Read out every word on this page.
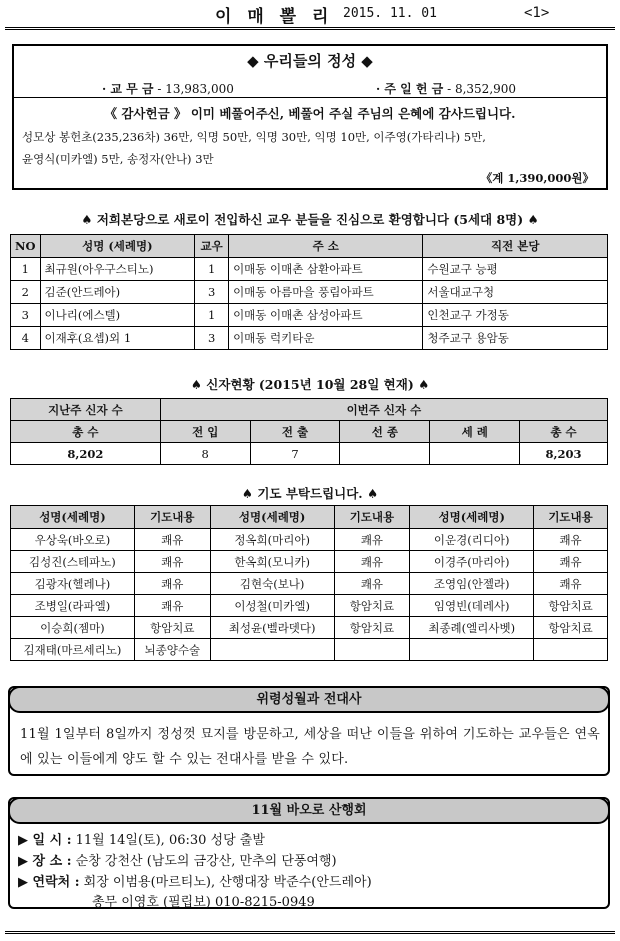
이 매 뽈 리 2015. 11. 01	<1>
◆ 우리들의 정성 ◆
· 교 무 금 - 13,983,000	· 주 일 헌 금 - 8,352,900
《 감사헌금 》 이미 베풀어주신, 베풀어 주실 주님의 은혜에 감사드립니다.
성모상 봉헌초(235,236차) 36만, 익명 50만, 익명 30만, 익명 10만, 이주영(가타리나) 5만,
윤영식(미카엘) 5만, 송정자(안나) 3만
《계 1,390,000원》
♠ 저희본당으로 새로이 전입하신 교우 분들을 진심으로 환영합니다 (5세대 8명) ♠
NO	성명 (세례명)	교우	주 소	직전 본당
1	최규원(아우구스티노)	1	이매동 이매촌 삼환아파트	수원교구 능평
2	김준(안드레아)	3	이매동 아름마을 풍림아파트	서울대교구청
3	이나리(에스텔)	1	이매동 이매촌 삼성아파트	인천교구 가정동
4	이재후(요셉)외 1	3	이매동 럭키타운	청주교구 용암동
♠ 신자현황 (2015년 10월 28일 현재) ♠
지난주 신자 수	이번주 신자 수				
총 수	전 입	전 출	선 종	세 례	총 수
8,202	8	7			8,203
♠ 기도 부탁드립니다. ♠
성명(세례명)	기도내용	성명(세례명)	기도내용	성명(세례명)	기도내용
우상욱(바오로)	쾌유	정옥희(마리아)	쾌유	이운경(리디아)	쾌유
김성진(스테파노)	쾌유	한옥희(모니카)	쾌유	이경주(마리아)	쾌유
김광자(헬레나)	쾌유	김현숙(보나)	쾌유	조영임(안젤라)	쾌유
조병일(라파엘)	쾌유	이성철(미카엘)	항암치료	임영빈(데레사)	항암치료
이승희(젬마)	항암치료	최성윤(벨라뎃다)	항암치료	최종례(엘리사벳)	항암치료
김재태(마르세리노)	뇌종양수술				
위령성월과 전대사
11월 1일부터 8일까지 정성껏 묘지를 방문하고, 세상을 떠난 이들을 위하여 기도하는 교우들은 연옥에 있는 이들에게 양도 할 수 있는 전대사를 받을 수 있다.
11월 바오로 산행회
▶ 일 시 : 11월 14일(토), 06:30 성당 출발
▶ 장 소 : 순창 강천산 (남도의 금강산, 만추의 단풍여행)
▶ 연락처 : 회장 이범용(마르티노), 산행대장 박준수(안드레아)
총무 이영호 (필립보) 010-8215-0949
